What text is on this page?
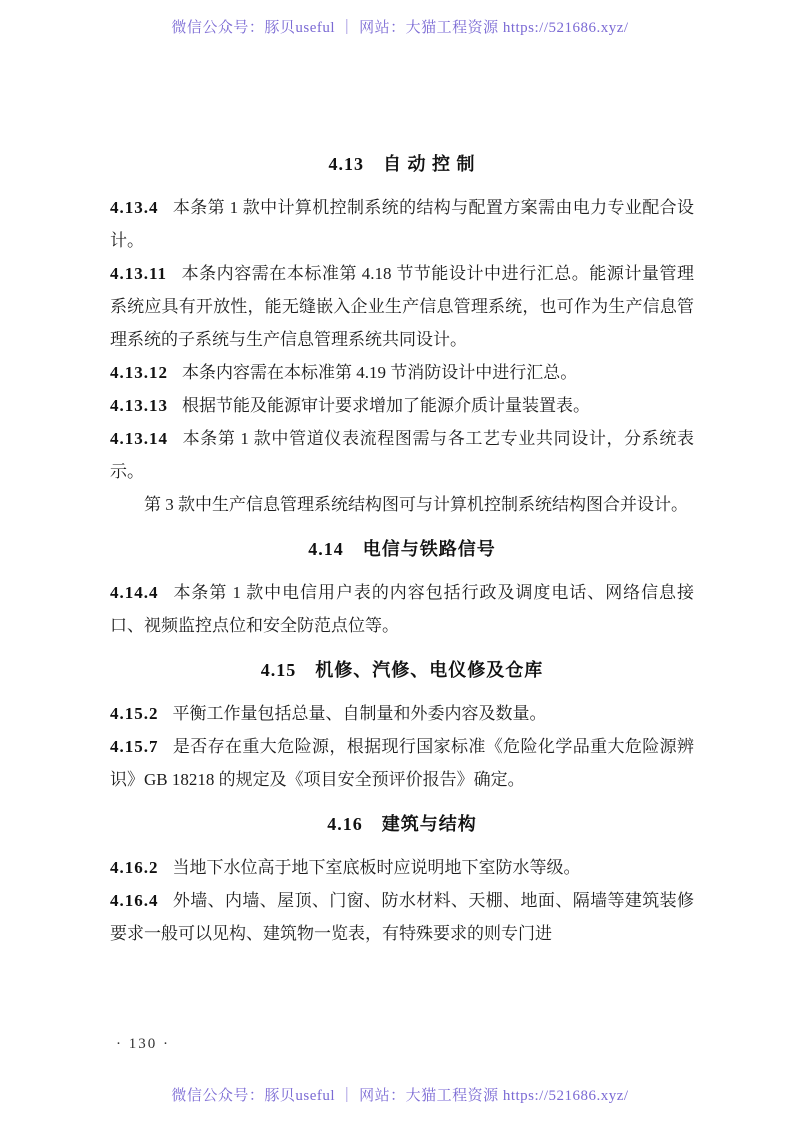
微信公众号：豚贝useful ｜ 网站：大猫工程资源 https://521686.xyz/
4.13　自 动 控 制

4.13.4 本条第 1 款中计算机控制系统的结构与配置方案需由电力专业配合设计。

4.13.11 本条内容需在本标准第 4.18 节节能设计中进行汇总。能源计量管理系统应具有开放性，能无缝嵌入企业生产信息管理系统，也可作为生产信息管理系统的子系统与生产信息管理系统共同设计。

4.13.12 本条内容需在本标准第 4.19 节消防设计中进行汇总。

4.13.13 根据节能及能源审计要求增加了能源介质计量装置表。

4.13.14 本条第 1 款中管道仪表流程图需与各工艺专业共同设计，分系统表示。

第 3 款中生产信息管理系统结构图可与计算机控制系统结构图合并设计。

4.14　电信与铁路信号

4.14.4 本条第 1 款中电信用户表的内容包括行政及调度电话、网络信息接口、视频监控点位和安全防范点位等。

4.15　机修、汽修、电仪修及仓库

4.15.2 平衡工作量包括总量、自制量和外委内容及数量。

4.15.7 是否存在重大危险源，根据现行国家标准《危险化学品重大危险源辨识》GB 18218 的规定及《项目安全预评价报告》确定。

4.16　建筑与结构

4.16.2 当地下水位高于地下室底板时应说明地下室防水等级。

4.16.4 外墙、内墙、屋顶、门窗、防水材料、天棚、地面、隔墙等建筑装修要求一般可以见构、建筑物一览表，有特殊要求的则专门进

· 130 ·
微信公众号：豚贝useful ｜ 网站：大猫工程资源 https://521686.xyz/
